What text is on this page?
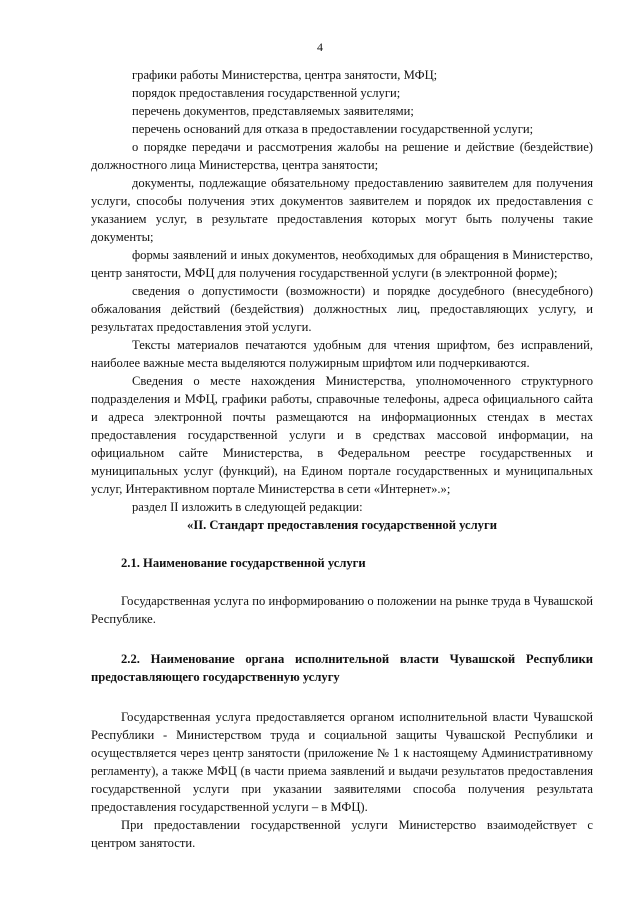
4

графики работы Министерства, центра занятости, МФЦ;

порядок предоставления государственной услуги;

перечень документов, представляемых заявителями;

перечень оснований для отказа в предоставлении государственной услуги;

о порядке передачи и рассмотрения жалобы на решение и действие (бездействие) должностного лица Министерства, центра занятости;

документы, подлежащие обязательному предоставлению заявителем для получения услуги, способы получения этих документов заявителем и порядок их предоставления с указанием услуг, в результате предоставления которых могут быть получены такие документы;

формы заявлений и иных документов, необходимых для обращения в Министерство, центр занятости, МФЦ для получения государственной услуги (в электронной форме);

сведения о допустимости (возможности) и порядке досудебного (внесудебного) обжалования действий (бездействия) должностных лиц, предоставляющих услугу, и результатах предоставления этой услуги.

Тексты материалов печатаются удобным для чтения шрифтом, без исправлений, наиболее важные места выделяются полужирным шрифтом или подчеркиваются.

Сведения о месте нахождения Министерства, уполномоченного структурного подразделения и МФЦ, графики работы, справочные телефоны, адреса официального сайта и адреса электронной почты размещаются на информационных стендах в местах предоставления государственной услуги и в средствах массовой информации, на официальном сайте Министерства, в Федеральном реестре государственных и муниципальных услуг (функций), на Едином портале государственных и муниципальных услуг, Интерактивном портале Министерства в сети «Интернет».»;

раздел II изложить в следующей редакции:

«II. Стандарт предоставления государственной услуги

2.1. Наименование государственной услуги

Государственная услуга по информированию о положении на рынке труда в Чувашской Республике.

2.2. Наименование органа исполнительной власти Чувашской Республики предоставляющего государственную услугу

Государственная услуга предоставляется органом исполнительной власти Чувашской Республики - Министерством труда и социальной защиты Чувашской Республики и осуществляется через центр занятости (приложение № 1 к настоящему Административному регламенту), а также МФЦ (в части приема заявлений и выдачи результатов предоставления государственной услуги при указании заявителями способа получения результата предоставления государственной услуги – в МФЦ).

При предоставлении государственной услуги Министерство взаимодействует с центром занятости.
